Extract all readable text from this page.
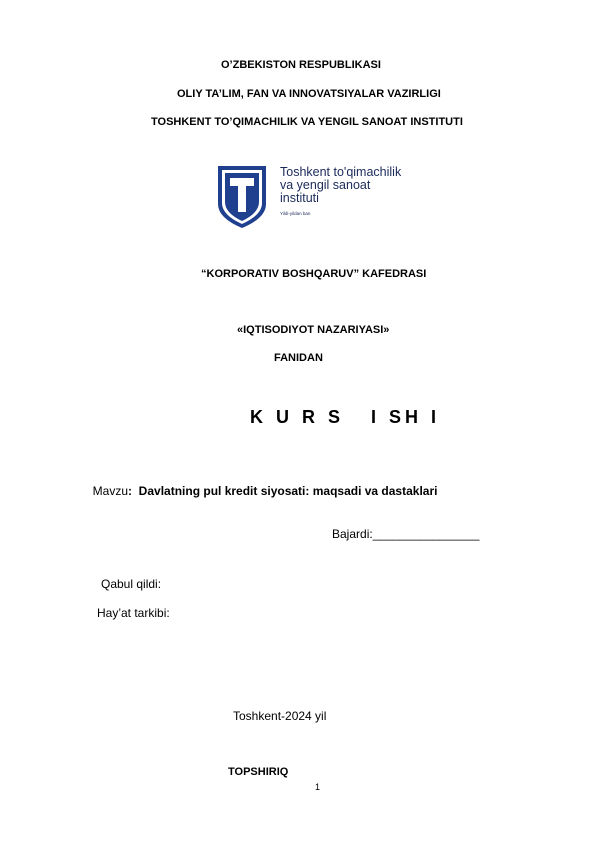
O’ZBEKISTON RESPUBLIKASI
OLIY TA’LIM, FAN VA INNOVATSIYALAR VAZIRLIGI
TOSHKENT TO’QIMACHILIK VA YENGIL SANOAT INSTITUTI
Toshkent to'qimachilik
va yengil sanoat
instituti
Yildi-yildan ban
“KORPORATIV BOSHQARUV” KAFEDRASI
«IQTISODIYOT NAZARIYASI»
FANIDAN
K U R S   I SH I

Mavzu:  Davlatning pul kredit siyosati: maqsadi va dastaklari

Bajardi:________________
Qabul qildi:
Hay’at tarkibi:
Toshkent-2024 yil
TOPSHIRIQ
1
